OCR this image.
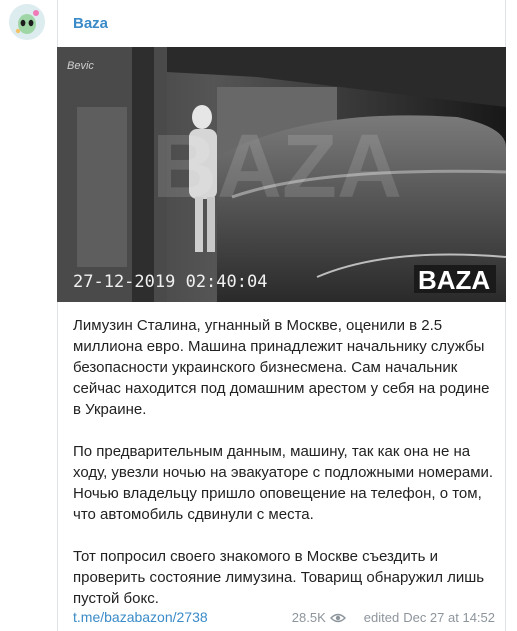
Baza
BAZA
Bevic
27-12-2019 02:40:04	BAZA

Лимузин Сталина, угнанный в Москве, оценили в 2.5 миллиона евро. Машина принадлежит начальнику службы безопасности украинского бизнесмена. Сам начальник сейчас находится под домашним арестом у себя на родине в Украине.

По предварительным данным, машину, так как она не на ходу, увезли ночью на эвакуаторе с подложными номерами. Ночью владельцу пришло оповещение на телефон, о том, что автомобиль сдвинули с места.

Тот попросил своего знакомого в Москве съездить и проверить состояние лимузина. Товарищ обнаружил лишь пустой бокс.

t.me/bazabazon/2738	28.5K	edited Dec 27 at 14:52
